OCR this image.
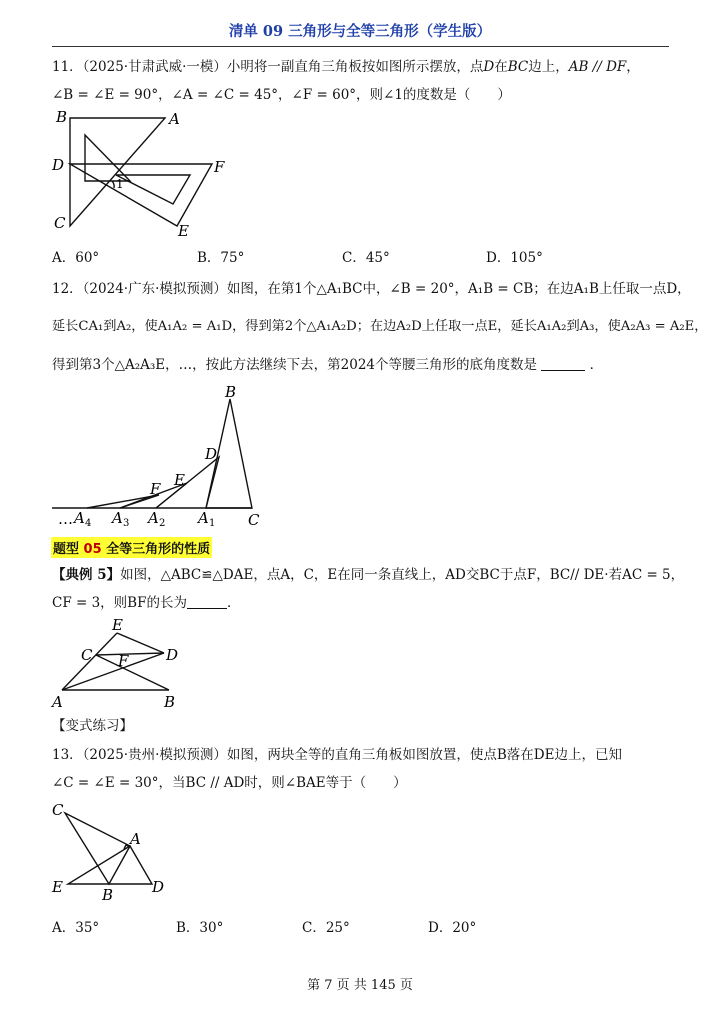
清单 09 三角形与全等三角形（学生版）
11．（2025·甘肃武威·一模）小明将一副直角三角板按如图所示摆放，点D在BC边上，AB // DF，
∠B = ∠E = 90°，∠A = ∠C = 45°，∠F = 60°，则∠1的度数是（　　）
B	A
D	F
C	E
1
A．60°	B．75°	C．45°	D．105°
12．（2024·广东·模拟预测）如图，在第1个△A₁BC中，∠B = 20°，A₁B = CB；在边A₁B上任取一点D，
延长CA₁到A₂，使A₁A₂ = A₁D，得到第2个△A₁A₂D；在边A₂D上任取一点E，延长A₁A₂到A₃，使A₂A₃ = A₂E，
得到第3个△A₂A₃E，…，按此方法继续下去，第2024个等腰三角形的底角度数是	．
B
D
E
F
C
… A 4 A 3 A 2 A 1
题型 05 全等三角形的性质
【典例 5】如图，△ABC≌△DAE，点A，C，E在同一条直线上，AD交BC于点F，BC// DE·若AC = 5，
CF = 3，则BF的长为	．
E
C F	D
A	B
【变式练习】
13．（2025·贵州·模拟预测）如图，两块全等的直角三角板如图放置，使点B落在DE边上，已知
∠C = ∠E = 30°，当BC // AD时，则∠BAE等于（　　）
C
A
E	B	D
A．35°	B．30°	C．25°	D．20°
第 7 页 共 145 页
